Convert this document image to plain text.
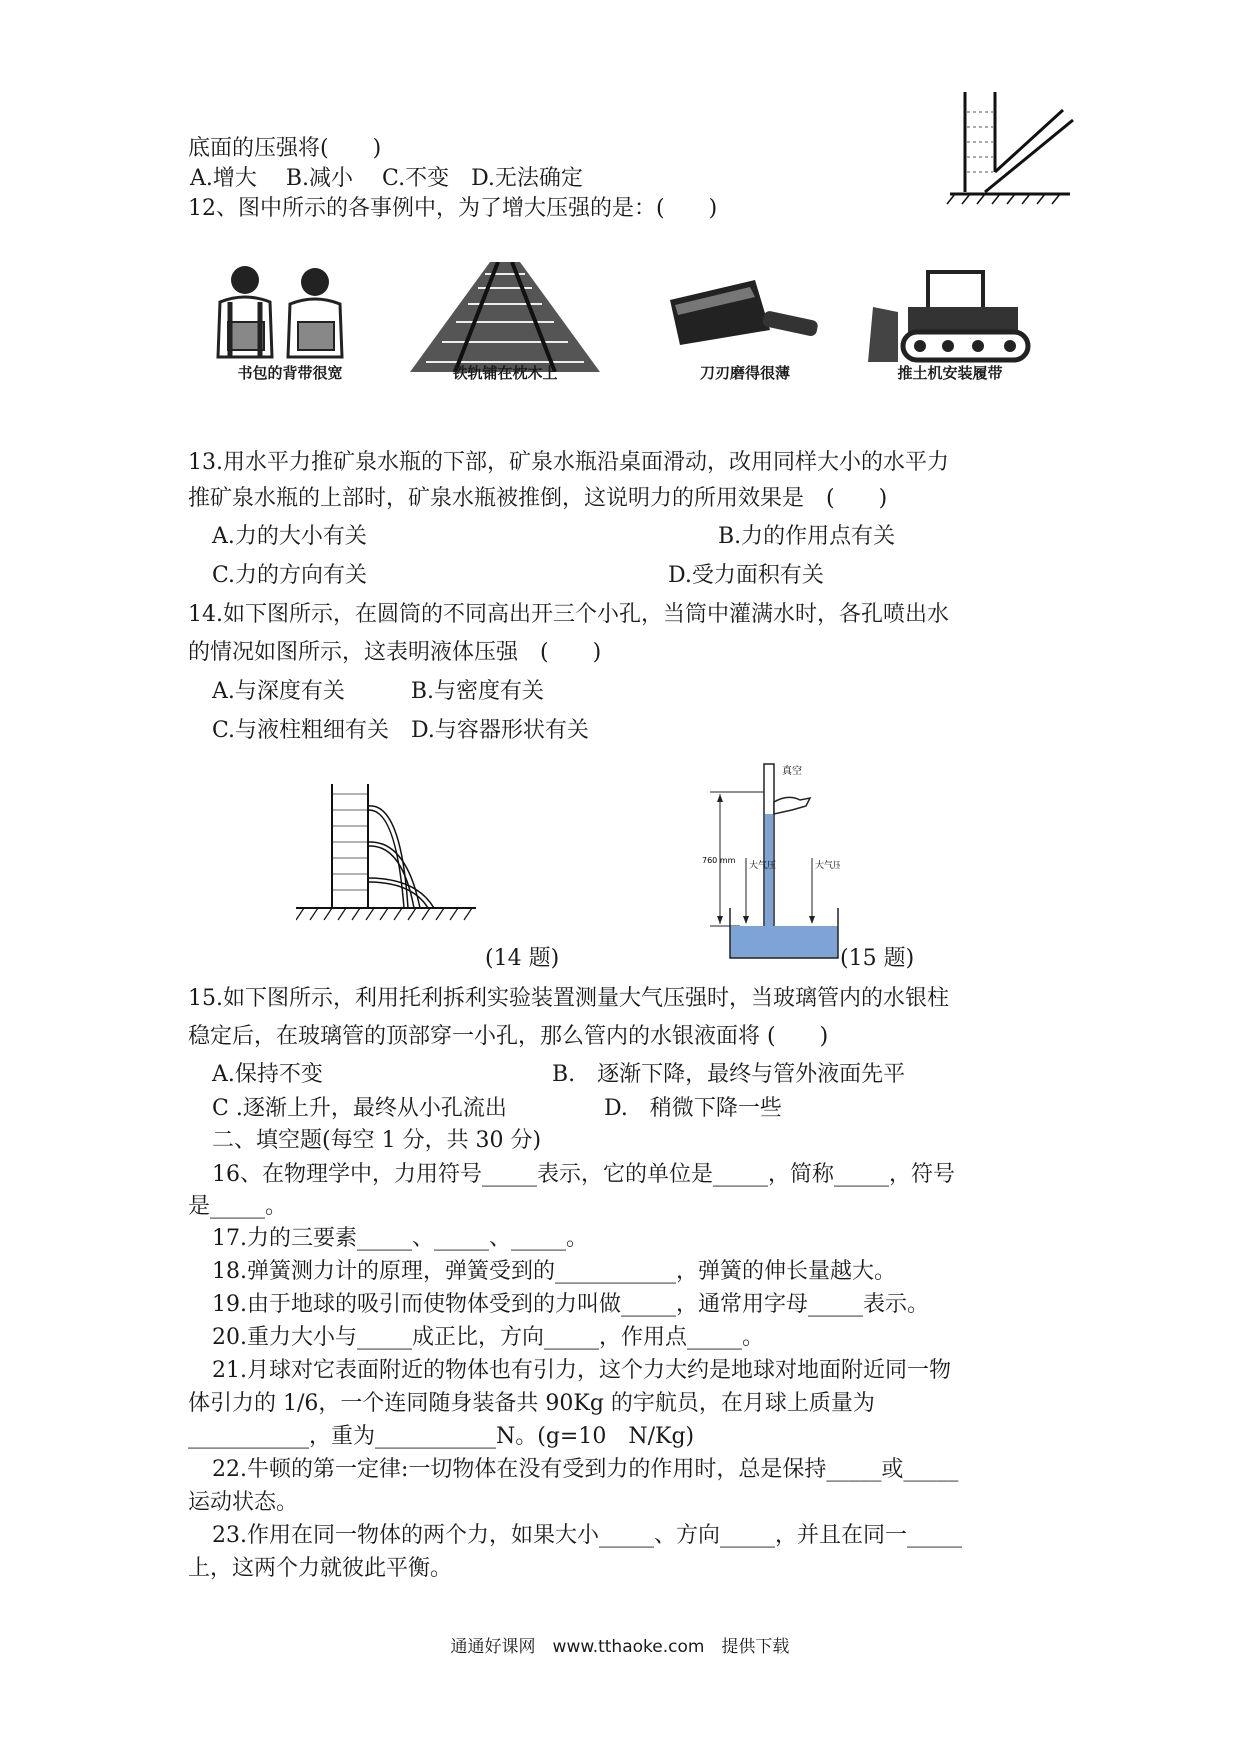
底面的压强将(　　)
A.增大　 B.减小　 C.不变　D.无法确定
12、图中所示的各事例中，为了增大压强的是：(　　)
书包的背带很宽	铁轨铺在枕木上	刀刃磨得很薄	推土机安装履带
13.用水平力推矿泉水瓶的下部，矿泉水瓶沿桌面滑动，改用同样大小的水平力
推矿泉水瓶的上部时，矿泉水瓶被推倒，这说明力的所用效果是　(　　)
A.力的大小有关	B.力的作用点有关
C.力的方向有关	D.受力面积有关
14.如下图所示，在圆筒的不同高出开三个小孔，当筒中灌满水时，各孔喷出水
的情况如图所示，这表明液体压强　(　　)
A.与深度有关　　　B.与密度有关
C.与液柱粗细有关　D.与容器形状有关
(14 题)
真空
760 mm
大气压	大气压
(15 题)
15.如下图所示，利用托利拆利实验装置测量大气压强时，当玻璃管内的水银柱
稳定后，在玻璃管的顶部穿一小孔，那么管内的水银液面将 (　　)
A.保持不变	B.　逐渐下降，最终与管外液面先平
C .逐渐上升，最终从小孔流出	D.　稍微下降一些
二、填空题(每空 1 分，共 30 分)
16、在物理学中，力用符号_____表示，它的单位是_____，简称_____，符号
是_____。
17.力的三要素_____、_____、_____。
18.弹簧测力计的原理，弹簧受到的___________，弹簧的伸长量越大。
19.由于地球的吸引而使物体受到的力叫做_____，通常用字母_____表示。
20.重力大小与_____成正比，方向_____，作用点_____。
21.月球对它表面附近的物体也有引力，这个力大约是地球对地面附近同一物
体引力的 1/6，一个连同随身装备共 90Kg 的宇航员，在月球上质量为
___________，重为___________N。(g=10　N/Kg)
22.牛顿的第一定律:一切物体在没有受到力的作用时，总是保持_____或_____
运动状态。
23.作用在同一物体的两个力，如果大小_____、方向_____，并且在同一_____
上，这两个力就彼此平衡。
通通好课网　www.tthaoke.com　提供下载
